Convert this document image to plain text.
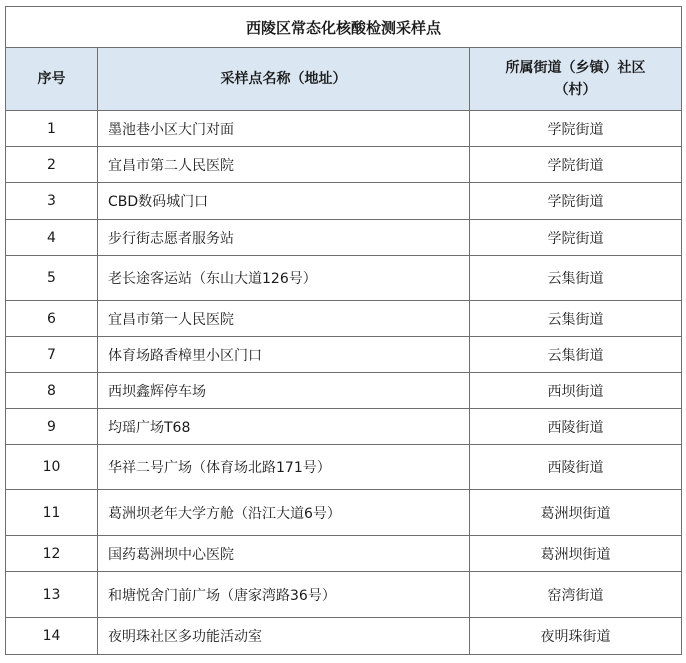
西陵区常态化核酸检测采样点		
序号	采样点名称（地址）	所属街道（乡镇）社区（村）
1	墨池巷小区大门对面	学院街道
2	宜昌市第二人民医院	学院街道
3	CBD数码城门口	学院街道
4	步行街志愿者服务站	学院街道
5	老长途客运站（东山大道126号）	云集街道
6	宜昌市第一人民医院	云集街道
7	体育场路香樟里小区门口	云集街道
8	西坝鑫辉停车场	西坝街道
9	均瑶广场T68	西陵街道
10	华祥二号广场（体育场北路171号）	西陵街道
11	葛洲坝老年大学方舱（沿江大道6号）	葛洲坝街道
12	国药葛洲坝中心医院	葛洲坝街道
13	和塘悦舍门前广场（唐家湾路36号）	窑湾街道
14	夜明珠社区多功能活动室	夜明珠街道
